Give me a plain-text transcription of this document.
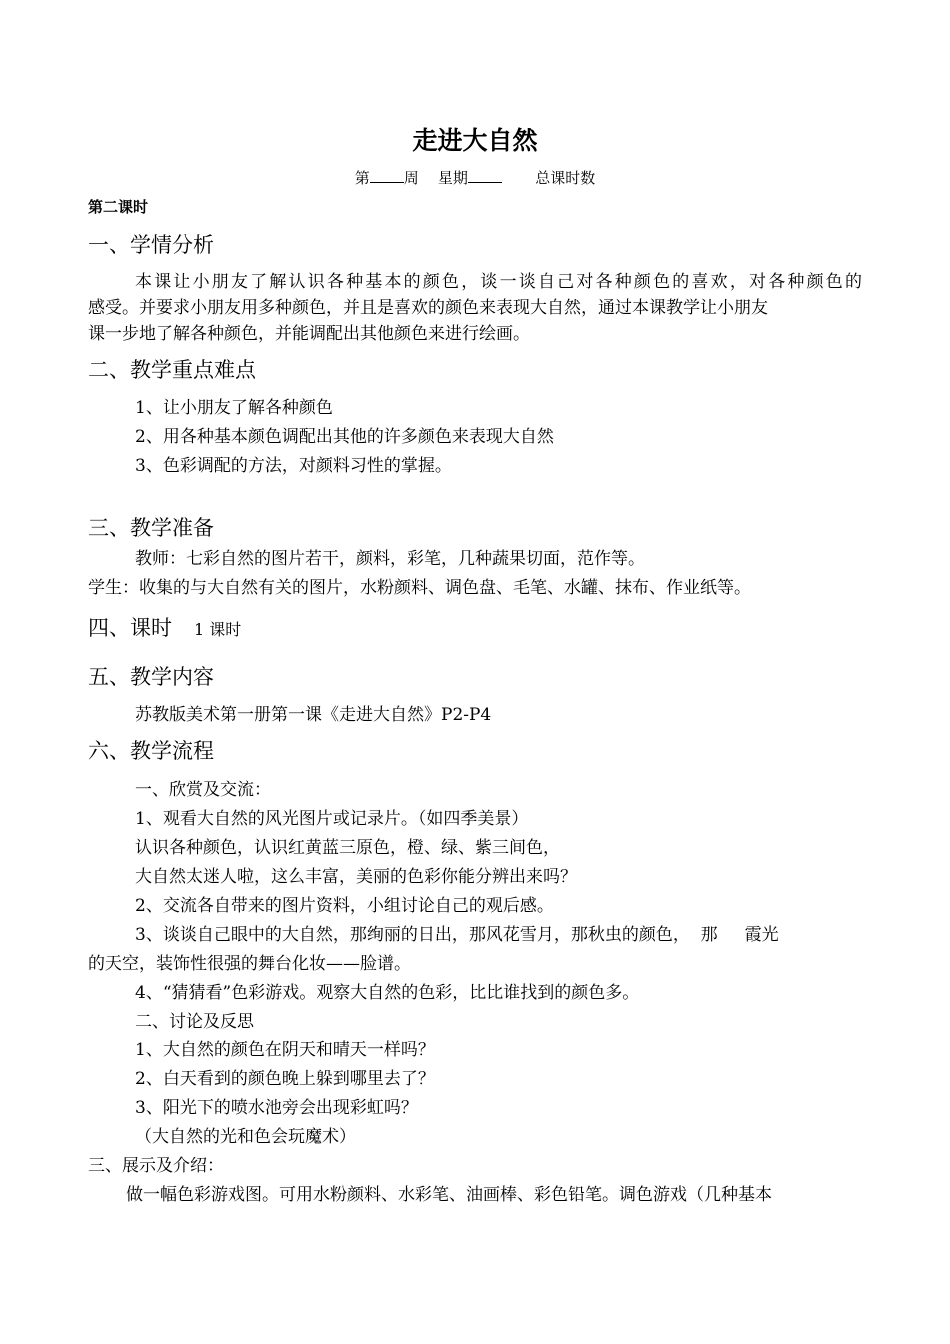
走进大自然
第 周 星期	总课时数
第二课时
一、学情分析
本课让小朋友了解认识各种基本的颜色，谈一谈自己对各种颜色的喜欢，对各种颜色的
感受。并要求小朋友用多种颜色，并且是喜欢的颜色来表现大自然，通过本课教学让小朋友
课一步地了解各种颜色，并能调配出其他颜色来进行绘画。
二、教学重点难点
1、让小朋友了解各种颜色
2、用各种基本颜色调配出其他的许多颜色来表现大自然
3、色彩调配的方法，对颜料习性的掌握。
三、教学准备
教师：七彩自然的图片若干，颜料，彩笔，几种蔬果切面，范作等。
学生：收集的与大自然有关的图片，水粉颜料、调色盘、毛笔、水罐、抹布、作业纸等。
四、课时 1 课时
五、教学内容
苏教版美术第一册第一课《走进大自然》P2-P4
六、教学流程
一、欣赏及交流：
1、观看大自然的风光图片或记录片。（如四季美景）
认识各种颜色，认识红黄蓝三原色，橙、绿、紫三间色，
大自然太迷人啦，这么丰富，美丽的色彩你能分辨出来吗？
2、交流各自带来的图片资料，小组讨论自己的观后感。
3、谈谈自己眼中的大自然，那绚丽的日出，那风花雪月，那秋虫的颜色，  那     霞光
的天空，装饰性很强的舞台化妆——脸谱。
4、“猜猜看”色彩游戏。观察大自然的色彩，比比谁找到的颜色多。
二、讨论及反思
1、大自然的颜色在阴天和晴天一样吗？
2、白天看到的颜色晚上躲到哪里去了？
3、阳光下的喷水池旁会出现彩虹吗？
（大自然的光和色会玩魔术）
三、展示及介绍：
做一幅色彩游戏图。可用水粉颜料、水彩笔、油画棒、彩色铅笔。调色游戏（几种基本
